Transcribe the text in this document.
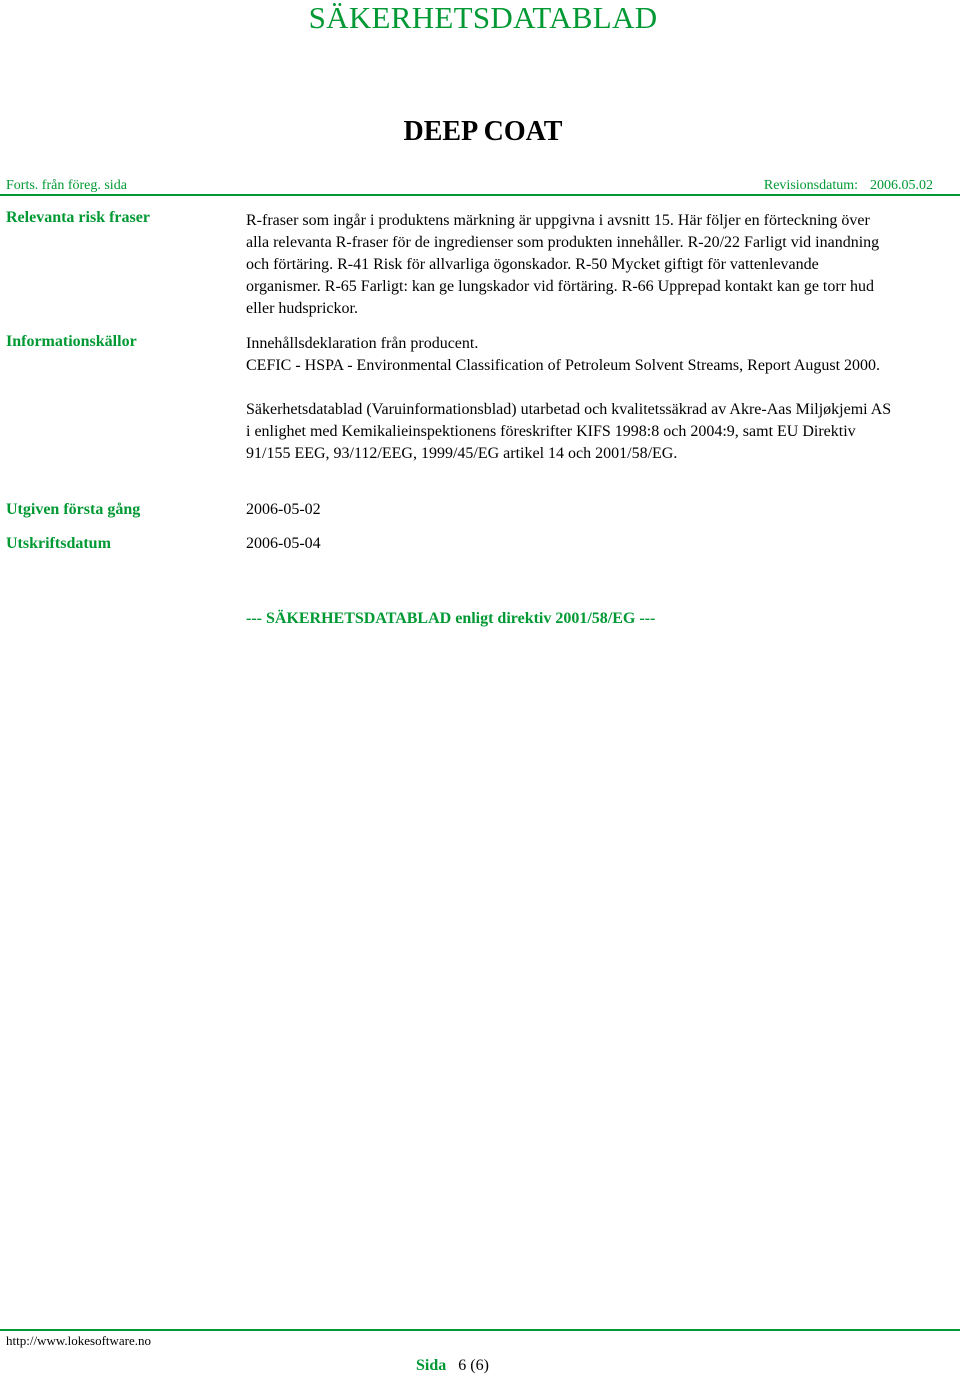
SÄKERHETSDATABLAD
DEEP COAT
Forts. från föreg. sida	Revisionsdatum: 2006.05.02
Relevanta risk fraser	R-fraser som ingår i produktens märkning är uppgivna i avsnitt 15. Här följer en förteckning över alla relevanta R-fraser för de ingredienser som produkten innehåller. R-20/22 Farligt vid inandning och förtäring. R-41 Risk för allvarliga ögonskador. R-50 Mycket giftigt för vattenlevande organismer. R-65 Farligt: kan ge lungskador vid förtäring. R-66 Upprepad kontakt kan ge torr hud eller hudsprickor.

Informationskällor	Innehållsdeklaration från producent.

CEFIC - HSPA - Environmental Classification of Petroleum Solvent Streams, Report August 2000.

Säkerhetsdatablad (Varuinformationsblad) utarbetad och kvalitetssäkrad av Akre-Aas Miljøkjemi AS i enlighet med Kemikalieinspektionens föreskrifter KIFS 1998:8 och 2004:9, samt EU Direktiv 91/155 EEG, 93/112/EEG, 1999/45/EG artikel 14 och 2001/58/EG.

Utgiven första gång	2006-05-02
Utskriftsdatum	2006-05-04
--- SÄKERHETSDATABLAD enligt direktiv 2001/58/EG ---
http://www.lokesoftware.no
Sida 6 (6)
